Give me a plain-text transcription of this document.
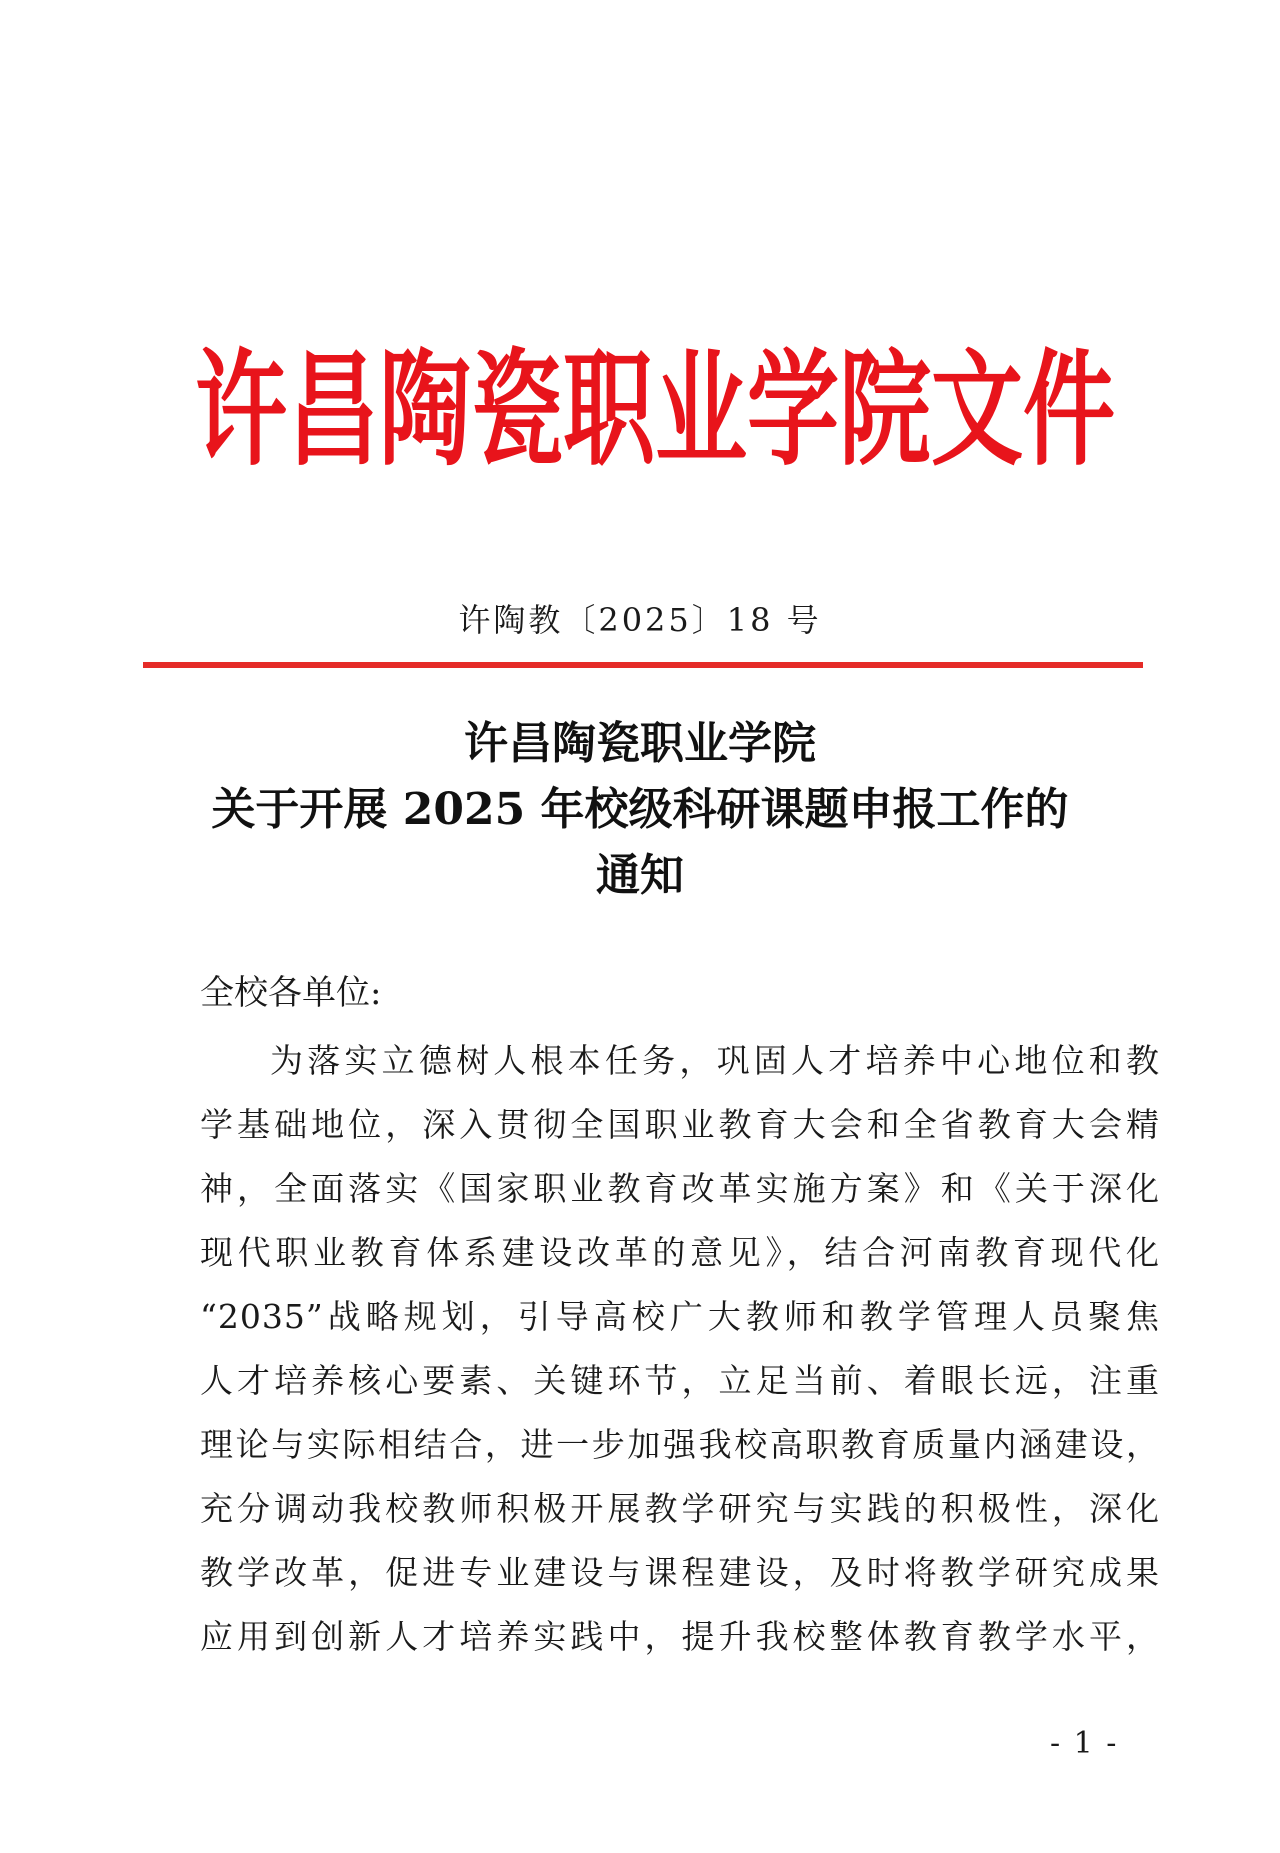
许昌陶瓷职业学院文件
许陶教〔2025〕18 号
许昌陶瓷职业学院
关于开展 2025 年校级科研课题申报工作的
通知
全校各单位:
为落实立德树人根本任务，巩固人才培养中心地位和教
学基础地位，深入贯彻全国职业教育大会和全省教育大会精
神，全面落实《国家职业教育改革实施方案》和《关于深化
现代职业教育体系建设改革的意见》，结合河南教育现代化
“2035”战略规划，引导高校广大教师和教学管理人员聚焦
人才培养核心要素、关键环节，立足当前、着眼长远，注重
理论与实际相结合，进一步加强我校高职教育质量内涵建设，
充分调动我校教师积极开展教学研究与实践的积极性，深化
教学改革，促进专业建设与课程建设，及时将教学研究成果
应用到创新人才培养实践中，提升我校整体教育教学水平，
- 1 -
